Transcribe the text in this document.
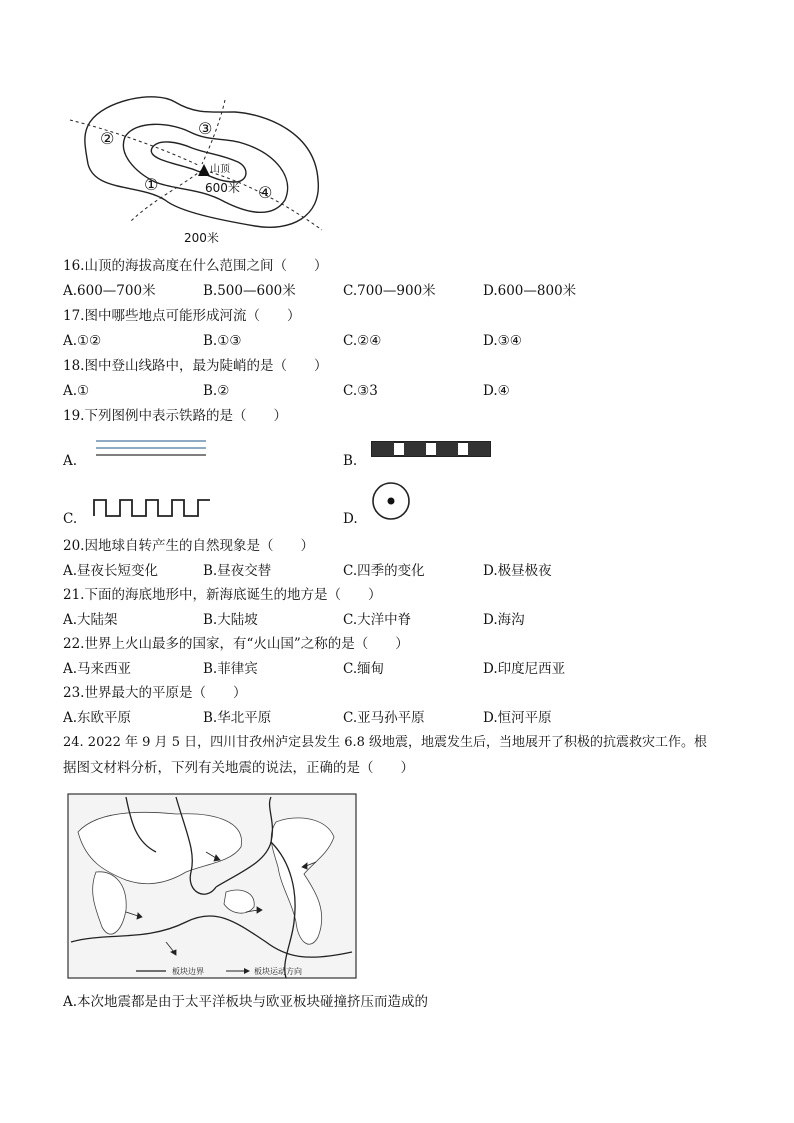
②
③
①	④
山顶
600米
200米
16.山顶的海拔高度在什么范围之间（　　）
A.600—700米	B.500—600米	C.700—900米	D.600—800米
17.图中哪些地点可能形成河流（　　）
A.①②	B.①③	C.②④	D.③④
18.图中登山线路中，最为陡峭的是（　　）
A.①	B.②	C.③3	D.④
19.下列图例中表示铁路的是（　　）
A.	B.
C.	D.
20.因地球自转产生的自然现象是（　　）
A.昼夜长短变化	B.昼夜交替	C.四季的变化	D.极昼极夜
21.下面的海底地形中，新海底诞生的地方是（　　）
A.大陆架	B.大陆坡	C.大洋中脊	D.海沟
22.世界上火山最多的国家，有“火山国”之称的是（　　）
A.马来西亚	B.菲律宾	C.缅甸	D.印度尼西亚
23.世界最大的平原是（　　）
A.东欧平原	B.华北平原	C.亚马孙平原	D.恒河平原
24. 2022 年 9 月 5 日，四川甘孜州泸定县发生 6.8 级地震，地震发生后，当地展开了积极的抗震救灾工作。根
据图文材料分析，下列有关地震的说法，正确的是（　　）
板块边界	板块运动方向
A.本次地震都是由于太平洋板块与欧亚板块碰撞挤压而造成的
